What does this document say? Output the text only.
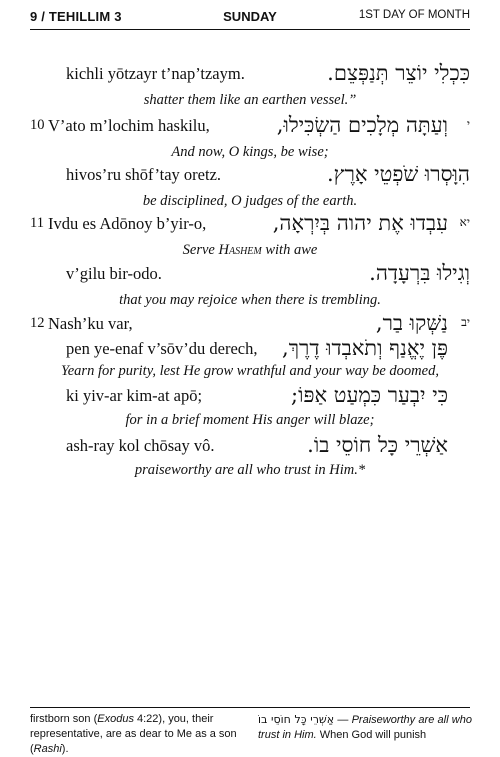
9 / TEHILLIM 3	SUNDAY	1ST DAY OF MONTH
kichli yōtzayr t’nap’tzaym.	כִּכְלִי יוֹצֵר תְּנַפְּצֵם.
shatter them like an earthen vessel.”
10 V’ato m’lochim haskilu,	וְעַתָּה מְלָכִים הַשְׂכִּילוּ, י
And now, O kings, be wise;
hivos’ru shōf’tay oretz.	הִוָּסְרוּ שֹׁפְטֵי אָרֶץ.
be disciplined, O judges of the earth.
11 Ivdu es Adōnoy b’yir-o,	עִבְדוּ אֶת יהוה בְּיִרְאָה, יא
Serve Hashem with awe
v’gilu bir-odo.	וְגִילוּ בִּרְעָדָה.
that you may rejoice when there is trembling.
12 Nash’ku var,	נַשְּׁקוּ בַר, יב
pen ye-enaf v’sōv’du derech, פֶּן יֶאֱנַף וְתֹאבְדוּ דֶרֶךְ,
Yearn for purity, lest He grow wrathful and your way be doomed,
ki yiv-ar kim-at apō;	כִּי יִבְעַר כִּמְעַט אַפּוֹ;
firstborn son (Exodus 4:22), you, their representative, are as dear to Me as a son (Rashi).
אַשְׁרֵי כָּל חוֹסֵי בוֹ — Praiseworthy are all who trust in Him. When God will punish
for in a brief moment His anger will blaze;
ash-ray kol chōsay vô.	אַשְׁרֵי כָּל חוֹסֵי בוֹ.
praiseworthy are all who trust in Him.*
